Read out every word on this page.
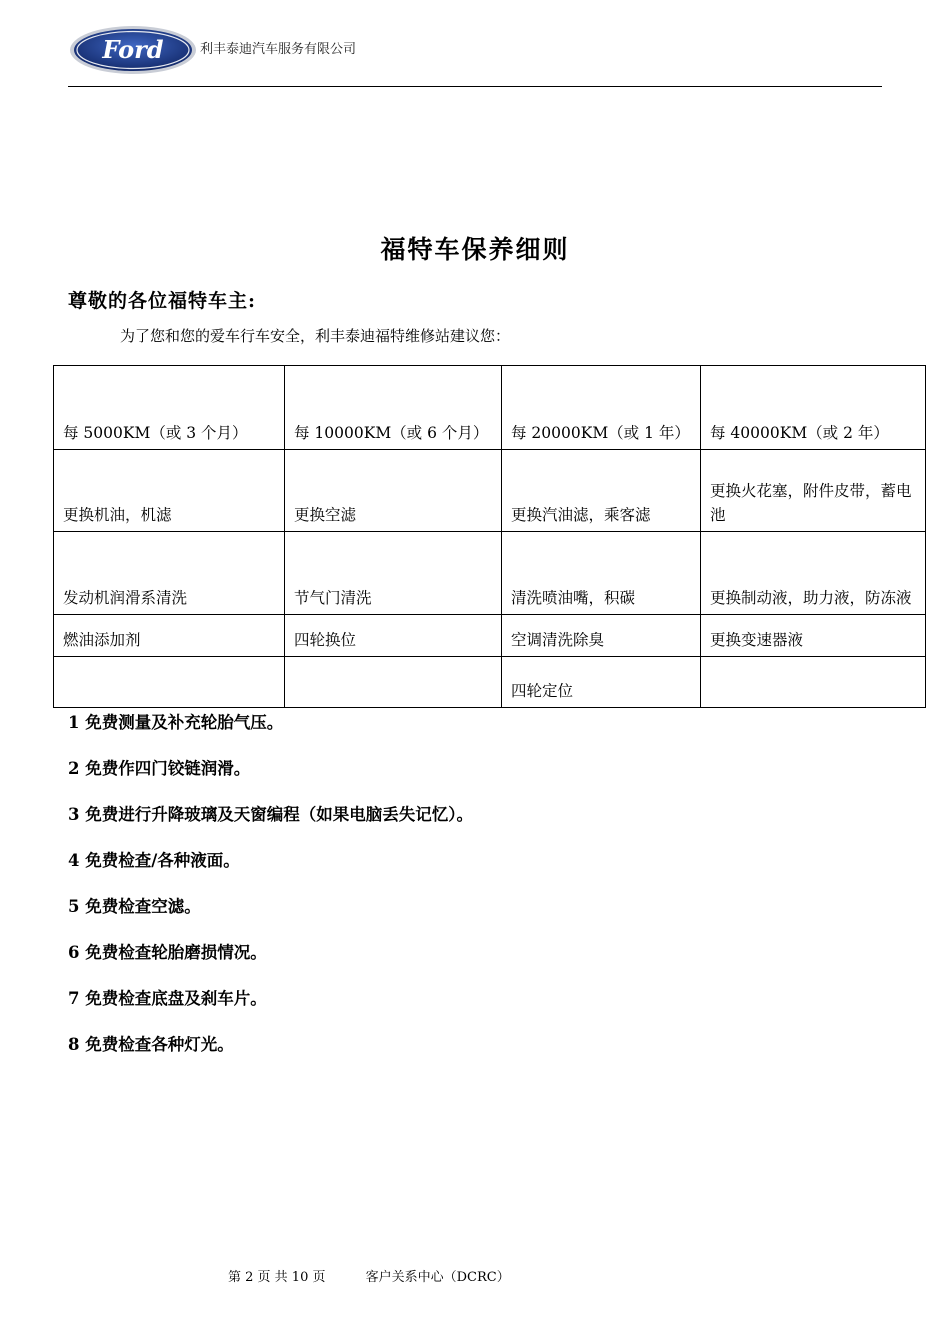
Ford	利丰泰迪汽车服务有限公司
福特车保养细则
尊敬的各位福特车主:
为了您和您的爱车行车安全，利丰泰迪福特维修站建议您：
每 5000KM（或 3 个月）	每 10000KM（或 6 个月）	每 20000KM（或 1 年）	每 40000KM（或 2 年）
更换机油，机滤	更换空滤	更换汽油滤，乘客滤	更换火花塞，附件皮带，蓄电池
发动机润滑系清洗	节气门清洗	清洗喷油嘴，积碳	更换制动液，助力液，防冻液
燃油添加剂	四轮换位	空调清洗除臭	更换变速器液
		四轮定位	
1 免费测量及补充轮胎气压。
2 免费作四门铰链润滑。
3 免费进行升降玻璃及天窗编程（如果电脑丢失记忆）。
4 免费检查/各种液面。
5 免费检查空滤。
6 免费检查轮胎磨损情况。
7 免费检查底盘及刹车片。
8 免费检查各种灯光。
第 2 页 共 10 页	客户关系中心（DCRC）
